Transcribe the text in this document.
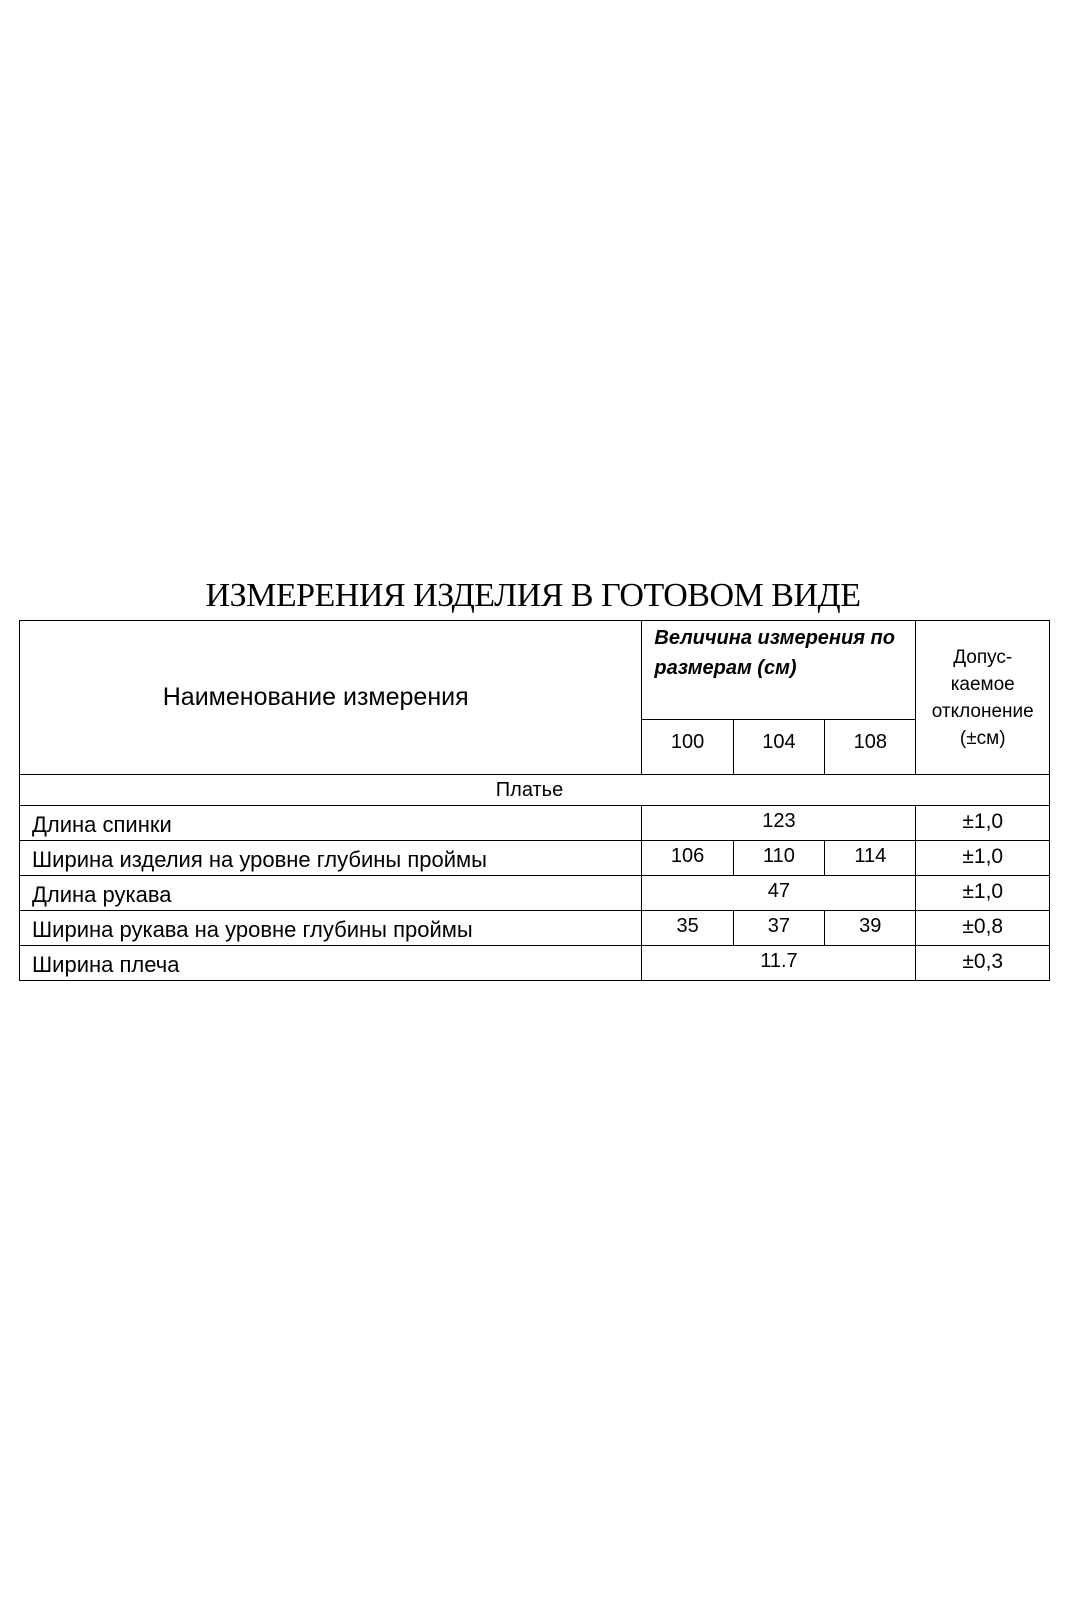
ИЗМЕРЕНИЯ ИЗДЕЛИЯ В ГОТОВОМ ВИДЕ
Наименование измерения	Величина измерения по размерам (см)			Допус-
каемое
отклонение
(±см)
	100	104	108	
Платье				
Длина спинки	123			±1,0
Ширина изделия на уровне глубины проймы	106	110	114	±1,0
Длина рукава	47			±1,0
Ширина рукава на уровне глубины проймы	35	37	39	±0,8
Ширина плеча	11.7			±0,3
